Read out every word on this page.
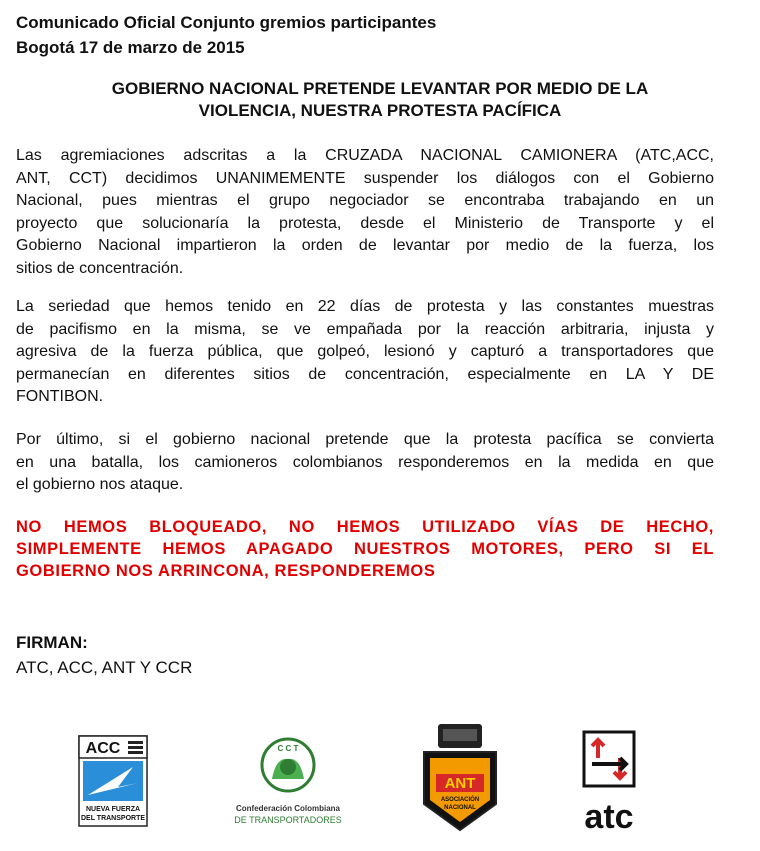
Comunicado Oficial Conjunto gremios participantes
Bogotá 17 de marzo de 2015
GOBIERNO NACIONAL PRETENDE LEVANTAR POR MEDIO DE LA
VIOLENCIA, NUESTRA PROTESTA PACÍFICA
Las agremiaciones adscritas a la CRUZADA NACIONAL CAMIONERA (ATC,ACC,
ANT, CCT) decidimos UNANIMEMENTE suspender los diálogos con el Gobierno
Nacional, pues mientras el grupo negociador se encontraba trabajando en un
proyecto que solucionaría la protesta, desde el Ministerio de Transporte y el
Gobierno Nacional impartieron la orden de levantar por medio de la fuerza, los
sitios de concentración.
La seriedad que hemos tenido en 22 días de protesta y las constantes muestras
de pacifismo en la misma, se ve empañada por la reacción arbitraria, injusta y
agresiva de la fuerza pública, que golpeó, lesionó y capturó a transportadores que
permanecían en diferentes sitios de concentración, especialmente en LA Y DE
FONTIBON.
Por último, si el gobierno nacional pretende que la protesta pacífica se convierta
en una batalla, los camioneros colombianos responderemos en la medida en que
el gobierno nos ataque.
NO HEMOS BLOQUEADO, NO HEMOS UTILIZADO VÍAS DE HECHO,
SIMPLEMENTE HEMOS APAGADO NUESTROS MOTORES, PERO SI EL
GOBIERNO NOS ARRINCONA, RESPONDEREMOS
FIRMAN:
ATC, ACC, ANT Y CCR
ACC
NUEVA FUERZA
DEL TRANSPORTE
C C T
Confederación Colombiana
DE TRANSPORTADORES
ANT
ASOCIACIÓN
NACIONAL	atc
